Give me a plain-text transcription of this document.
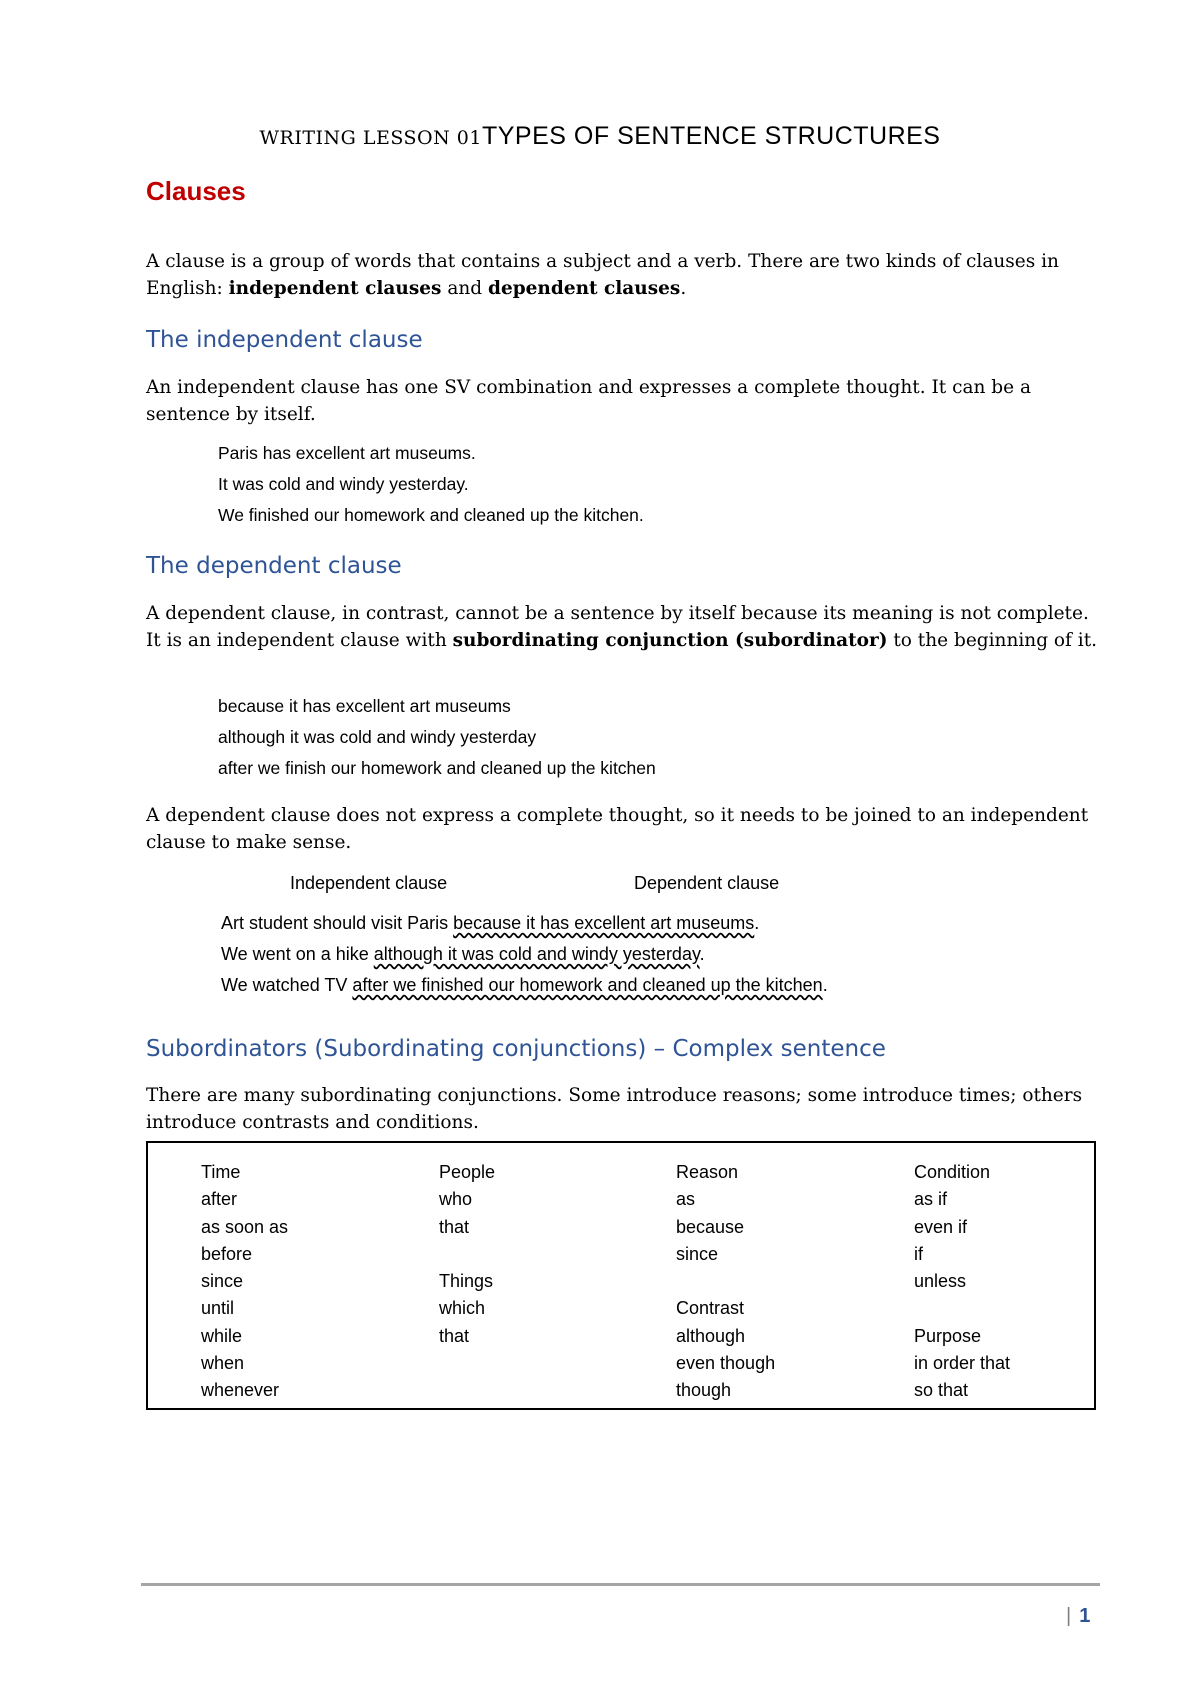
WRITING LESSON 01TYPES OF SENTENCE STRUCTURES
Clauses
A clause is a group of words that contains a subject and a verb. There are two kinds of clauses in English: independent clauses and dependent clauses.
The independent clause
An independent clause has one SV combination and expresses a complete thought. It can be a sentence by itself.
Paris has excellent art museums.
It was cold and windy yesterday.
We finished our homework and cleaned up the kitchen.
The dependent clause
A dependent clause, in contrast, cannot be a sentence by itself because its meaning is not complete. It is an independent clause with subordinating conjunction (subordinator) to the beginning of it.
because it has excellent art museums
although it was cold and windy yesterday
after we finish our homework and cleaned up the kitchen
A dependent clause does not express a complete thought, so it needs to be joined to an independent clause to make sense.
Independent clause	Dependent clause
Art student should visit Paris because it has excellent art museums.
We went on a hike although it was cold and windy yesterday.
We watched TV after we finished our homework and cleaned up the kitchen.
Subordinators (Subordinating conjunctions) – Complex sentence
There are many subordinating conjunctions. Some introduce reasons; some introduce times; others introduce contrasts and conditions.
Time
after
as soon as
before
since
until
while
when
whenever
People
who
that
Things
which
that
Reason
as
because
since
Contrast
although
even though
though
Condition
as if
even if
if
unless
Purpose
in order that
so that
| 1
